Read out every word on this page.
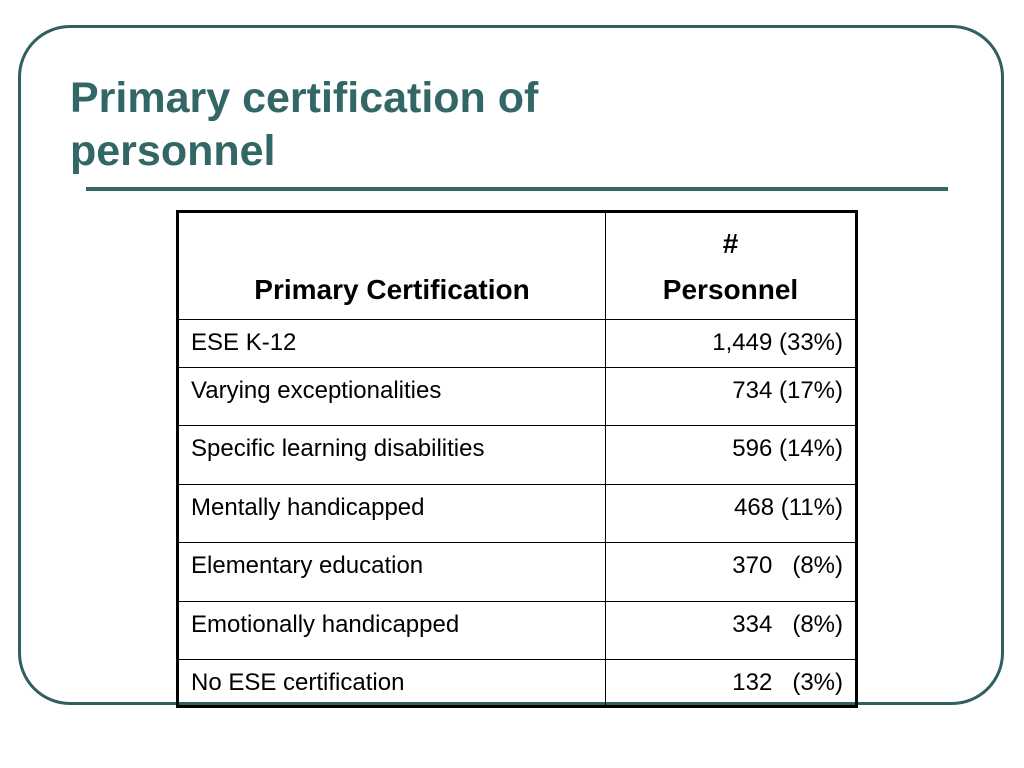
Primary certification of
personnel
Primary Certification	#
Personnel
ESE K-12	1,449 (33%)
Varying exceptionalities	734 (17%)
Specific learning disabilities	596 (14%)
Mentally handicapped	468 (11%)
Elementary education	370   (8%)
Emotionally handicapped	334   (8%)
No ESE certification	132   (3%)
